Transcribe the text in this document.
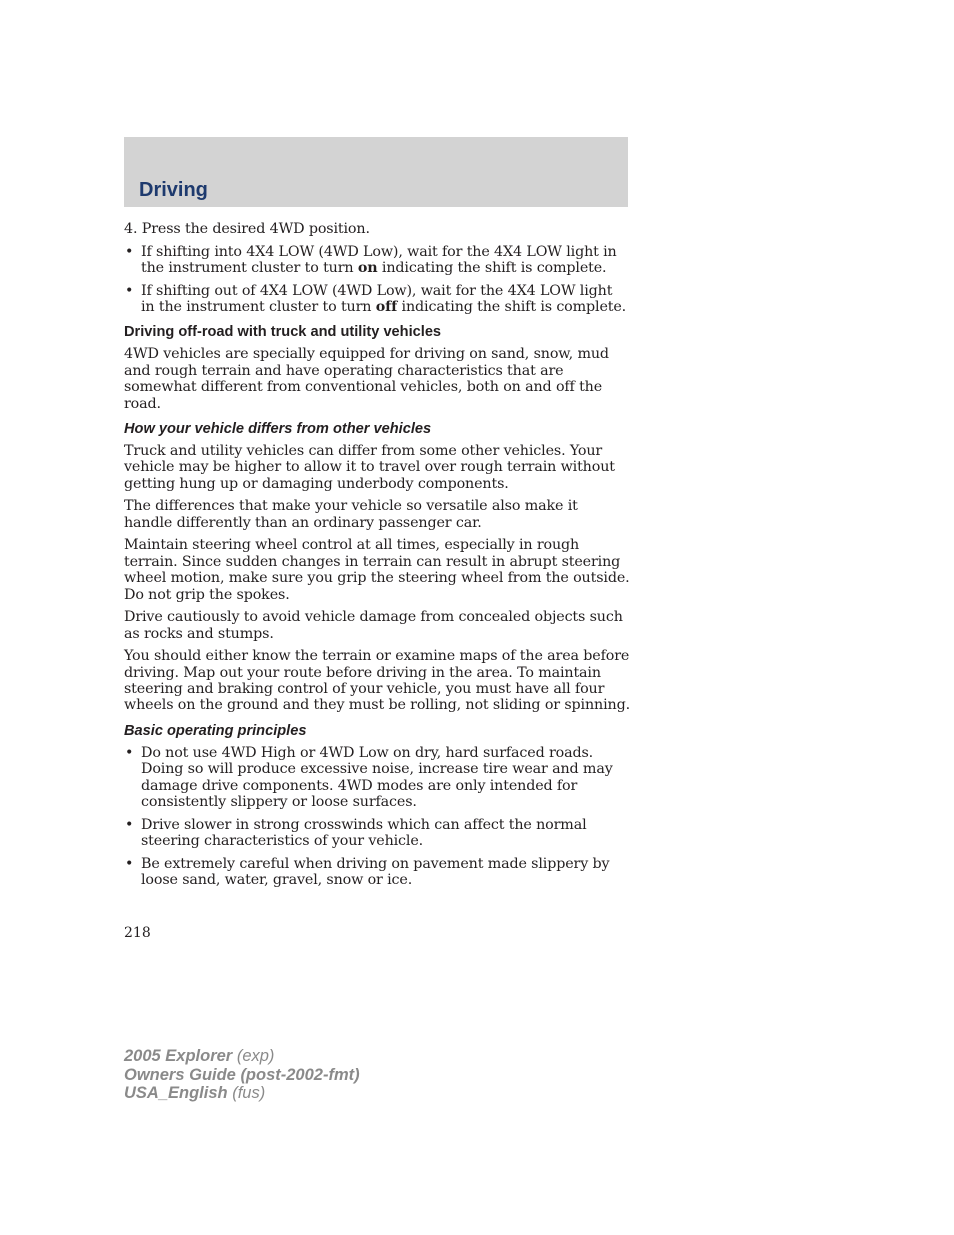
Driving

4. Press the desired 4WD position.

• If shifting into 4X4 LOW (4WD Low), wait for the 4X4 LOW light in the instrument cluster to turn on indicating the shift is complete.
• If shifting out of 4X4 LOW (4WD Low), wait for the 4X4 LOW light in the instrument cluster to turn off indicating the shift is complete.
Driving off-road with truck and utility vehicles

4WD vehicles are specially equipped for driving on sand, snow, mud and rough terrain and have operating characteristics that are somewhat different from conventional vehicles, both on and off the road.

How your vehicle differs from other vehicles

Truck and utility vehicles can differ from some other vehicles. Your vehicle may be higher to allow it to travel over rough terrain without getting hung up or damaging underbody components.

The differences that make your vehicle so versatile also make it handle differently than an ordinary passenger car.

Maintain steering wheel control at all times, especially in rough terrain. Since sudden changes in terrain can result in abrupt steering wheel motion, make sure you grip the steering wheel from the outside. Do not grip the spokes.

Drive cautiously to avoid vehicle damage from concealed objects such as rocks and stumps.

You should either know the terrain or examine maps of the area before driving. Map out your route before driving in the area. To maintain steering and braking control of your vehicle, you must have all four wheels on the ground and they must be rolling, not sliding or spinning.

Basic operating principles
• Do not use 4WD High or 4WD Low on dry, hard surfaced roads. Doing so will produce excessive noise, increase tire wear and may damage drive components. 4WD modes are only intended for consistently slippery or loose surfaces.
• Drive slower in strong crosswinds which can affect the normal steering characteristics of your vehicle.
• Be extremely careful when driving on pavement made slippery by loose sand, water, gravel, snow or ice.
218
2005 Explorer (exp)
Owners Guide (post-2002-fmt)
USA_English (fus)
